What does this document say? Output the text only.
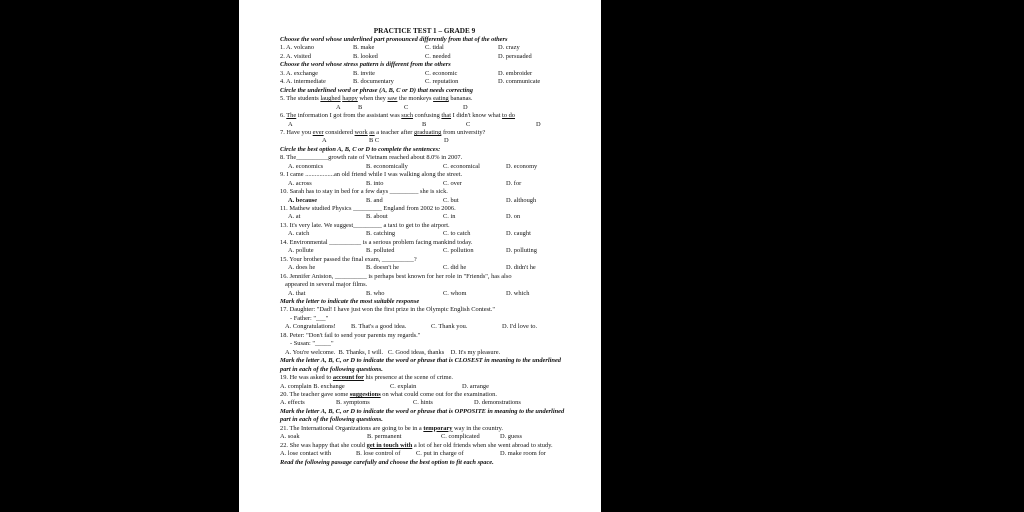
PRACTICE TEST 1 – GRADE 9
Choose the word whose underlined part pronounced differently from that of the others
1. A. volcano	B. make	C. tidal	D. crazy
2. A. visited	B. looked	C. needed	D. persuaded
Choose the word whose stress pattern is different from the others
3. A. exchange	B. invite	C. economic	D. embroider
4. A. intermediate	B. documentary	C. reputation	D. communicate
Circle the underlined word or phrase (A, B, C or D) that needs correcting
5. The students laughed happy when they saw the monkeys eating bananas.
A	B	C	D
6. The information I got from the assistant was such confusing that I didn't know what to do
A	B	C	D
7. Have you ever considered work as a teacher after graduating from university?
A	B C	D
Circle the best option A, B, C or D to complete the sentences:
8. The__________growth rate of Vietnam reached about 8.0% in 2007.
A. economics	B. economically	C. economical	D. economy
9. I came ..................an old friend while I was walking along the street.
A. across	B. into	C. over	D. for
10. Sarah has to stay in bed for a few days _________ she is sick.
A. because	B. and	C. but	D. although
11. Mathew studied Physics _________ England from 2002 to 2006.
A. at	B. about	C. in	D. on
13. It's very late. We suggest_________ a taxi to get to the airport.
A. catch	B. catching	C. to catch	D. caught
14. Environmental __________ is a serious problem facing mankind today.
A. pollute	B. polluted	C. pollution	D. polluting
15. Your brother passed the final exam, __________?
A. does he	B. doesn't he	C. did he	D. didn't he
16. Jennifer Aniston, __________ is perhaps best known for her role in "Friends", has also
appeared in several major films.
A. that	B. who	C. whom	D. which
Mark the letter to indicate the most suitable response
17. Daughter: "Dad! I have just won the first prize in the Olympic English Contest."
- Father: "___"
A. Congratulations!	B. That's a good idea.	C. Thank you.	D. I'd love to.
18. Peter: "Don't fail to send your parents my regards."
- Susan: "_____"
A. You're welcome.  B. Thanks, I will.   C. Good ideas, thanks    D. It's my pleasure.
Mark the letter A, B, C, or D to indicate the word or phrase that is CLOSEST in meaning to the underlined part in each of the following questions.
19. He was asked to account for his presence at the scene of crime.
A. complain B. exchange	C. explain	D. arrange
20. The teacher gave some suggestions on what could come out for the examination.
A. effects	B. symptoms	C. hints	D. demonstrations
Mark the letter A, B, C, or D to indicate the word or phrase that is OPPOSITE in meaning to the underlined part in each of the following questions.
21. The International Organizations are going to be in a temporary way in the country.
A. soak	B. permanent	C. complicated	D. guess
22. She was happy that she could get in touch with a lot of her old friends when she went abroad to study.
A. lose contact with	B. lose control of	C. put in charge of	D. make room for
Read the following passage carefully and choose the best option to fit each space.
